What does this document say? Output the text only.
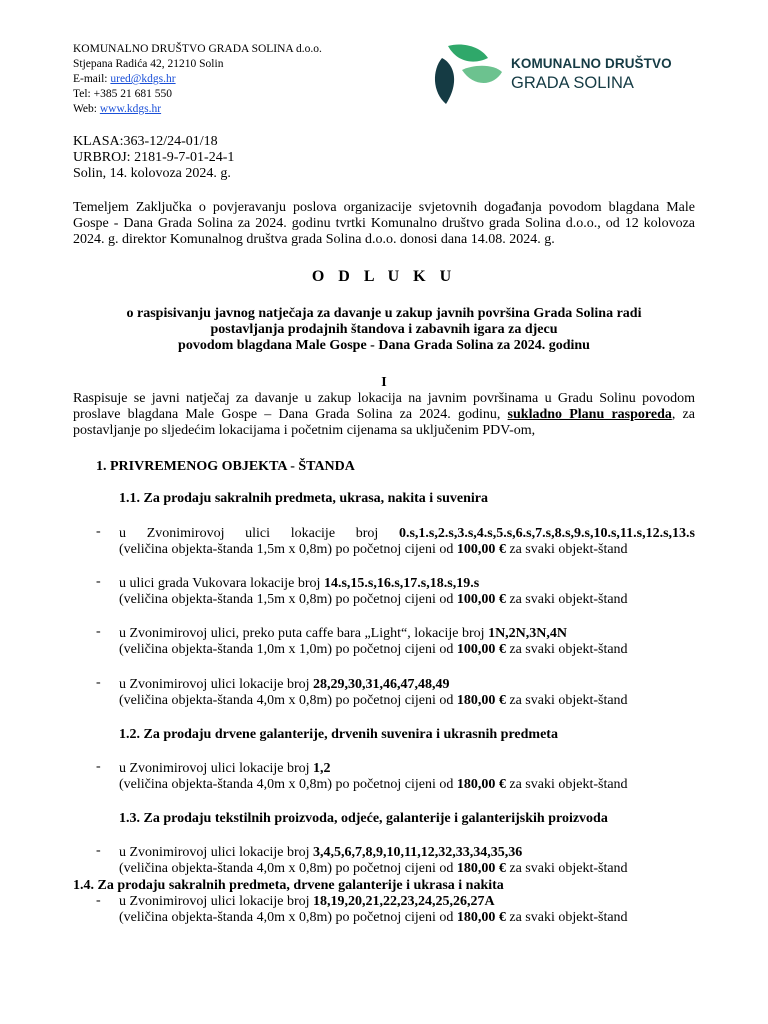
KOMUNALNO DRUŠTVO GRADA SOLINA d.o.o.
Stjepana Radića 42, 21210 Solin
E-mail: ured@kdgs.hr
Tel: +385 21 681 550
Web: www.kdgs.hr
KOMUNALNO DRUŠTVO
GRADA SOLINA
KLASA:363-12/24-01/18
URBROJ: 2181-9-7-01-24-1
Solin, 14. kolovoza 2024. g.
Temeljem Zaključka o povjeravanju poslova organizacije svjetovnih događanja povodom blagdana Male Gospe - Dana Grada Solina za 2024. godinu tvrtki Komunalno društvo grada Solina d.o.o., od 12 kolovoza 2024. g. direktor Komunalnog društva grada Solina d.o.o. donosi dana 14.08. 2024. g.
O D L U K U
o raspisivanju javnog natječaja za davanje u zakup javnih površina Grada Solina radi
postavljanja prodajnih štandova i zabavnih igara za djecu
povodom blagdana Male Gospe - Dana Grada Solina za 2024. godinu
I
Raspisuje se javni natječaj za davanje u zakup lokacija na javnim površinama u Gradu Solinu povodom proslave blagdana Male Gospe – Dana Grada Solina za 2024. godinu, sukladno Planu rasporeda, za postavljanje po sljedećim lokacijama i početnim cijenama sa uključenim PDV-om,
1. PRIVREMENOG OBJEKTA - ŠTANDA
1.1. Za prodaju sakralnih predmeta, ukrasa, nakita i suvenira
- u Zvonimirovoj ulici lokacije broj 0.s,1.s,2.s,3.s,4.s,5.s,6.s,7.s,8.s,9.s,10.s,11.s,12.s,13.s
(veličina objekta-štanda 1,5m x 0,8m) po početnoj cijeni od 100,00 € za svaki objekt-štand
- u ulici grada Vukovara lokacije broj 14.s,15.s,16.s,17.s,18.s,19.s
(veličina objekta-štanda 1,5m x 0,8m) po početnoj cijeni od 100,00 € za svaki objekt-štand
- u Zvonimirovoj ulici, preko puta caffe bara „Light“, lokacije broj 1N,2N,3N,4N
(veličina objekta-štanda 1,0m x 1,0m) po početnoj cijeni od 100,00 € za svaki objekt-štand
- u Zvonimirovoj ulici lokacije broj 28,29,30,31,46,47,48,49
(veličina objekta-štanda 4,0m x 0,8m) po početnoj cijeni od 180,00 € za svaki objekt-štand
1.2. Za prodaju drvene galanterije, drvenih suvenira i ukrasnih predmeta
- u Zvonimirovoj ulici lokacije broj 1,2
(veličina objekta-štanda 4,0m x 0,8m) po početnoj cijeni od 180,00 € za svaki objekt-štand
1.3. Za prodaju tekstilnih proizvoda, odjeće, galanterije i galanterijskih proizvoda
- u Zvonimirovoj ulici lokacije broj 3,4,5,6,7,8,9,10,11,12,32,33,34,35,36
(veličina objekta-štanda 4,0m x 0,8m) po početnoj cijeni od 180,00 € za svaki objekt-štand
1.4. Za prodaju sakralnih predmeta, drvene galanterije i ukrasa i nakita
- u Zvonimirovoj ulici lokacije broj 18,19,20,21,22,23,24,25,26,27A
(veličina objekta-štanda 4,0m x 0,8m) po početnoj cijeni od 180,00 € za svaki objekt-štand
